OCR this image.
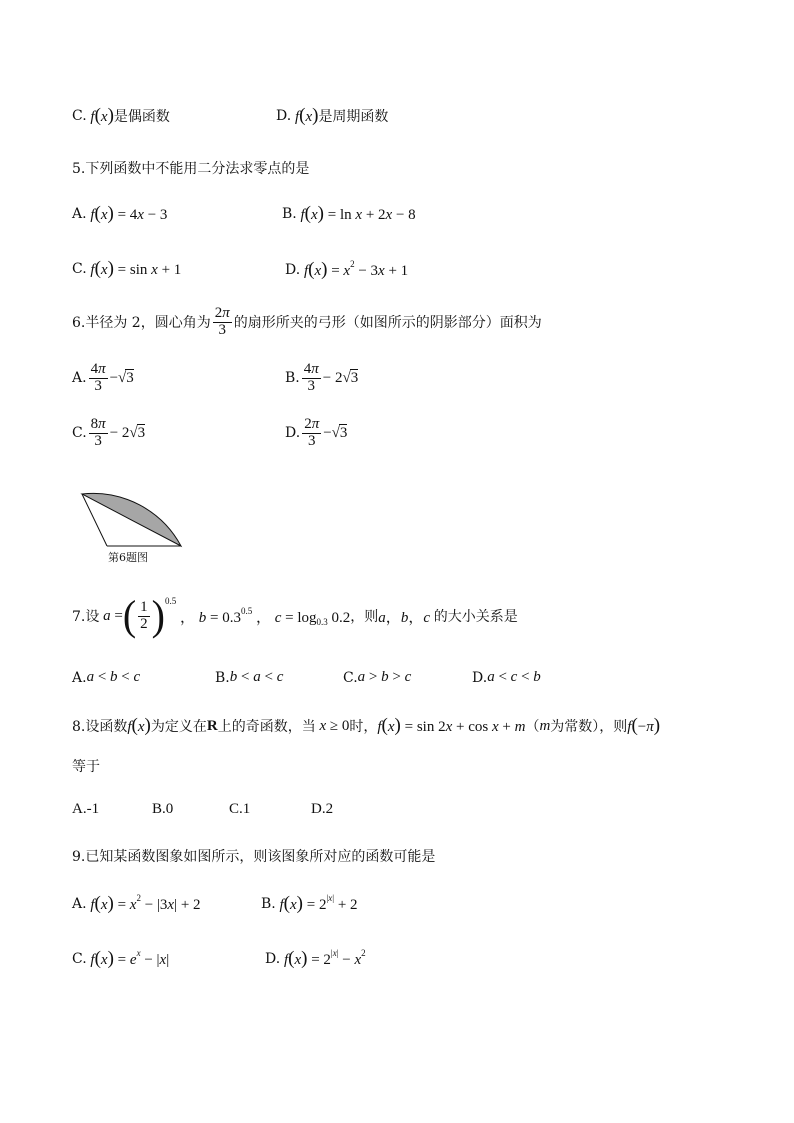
C. f(x) 是偶函数	D. f(x) 是周期函数
5.下列函数中不能用二分法求零点的是
A. f(x) = 4x − 3	B. f(x) = ln x + 2x − 8
C. f(x) = sin x + 1	D. $f(x) = x^2 - 3x + 1$
6.半径为 2，圆心角为 $\frac{2\pi}{3}$ 的扇形所夹的弓形（如图所示的阴影部分）面积为
A. $\frac{4\pi}{3} -√3$	B. $\frac{4\pi}{3} - 2√3$
C. $\frac{8\pi}{3} - 2√3$	D. $\frac{2\pi}{3} -√3$
第6题图
7.设 a = ( $\frac{1}{2}$ ) 0.5
， $b = 0.3^{0.5}$ ， $c = \log_{0.3} 0.2$ ，则 a，b，c 的大小关系是
A. a < b < c	B. b < a < c	C. a > b > c	D. a < c < b
8.设函数 f(x) 为定义在 R 上的奇函数，当 x ≥ 0 时， f(x) = sin 2x + cos x + m （ m 为常数），则 f(−π)
等于
A.-1	B.0	C.1	D.2
9.已知某函数图象如图所示，则该图象所对应的函数可能是
A. $f(x) = x^2 - |3x| + 2$	B. $f(x) = 2^{|x|} + 2$
C. $f(x) = e^x - |x|$	D. $f(x) = 2^{|x|} - x^2$
